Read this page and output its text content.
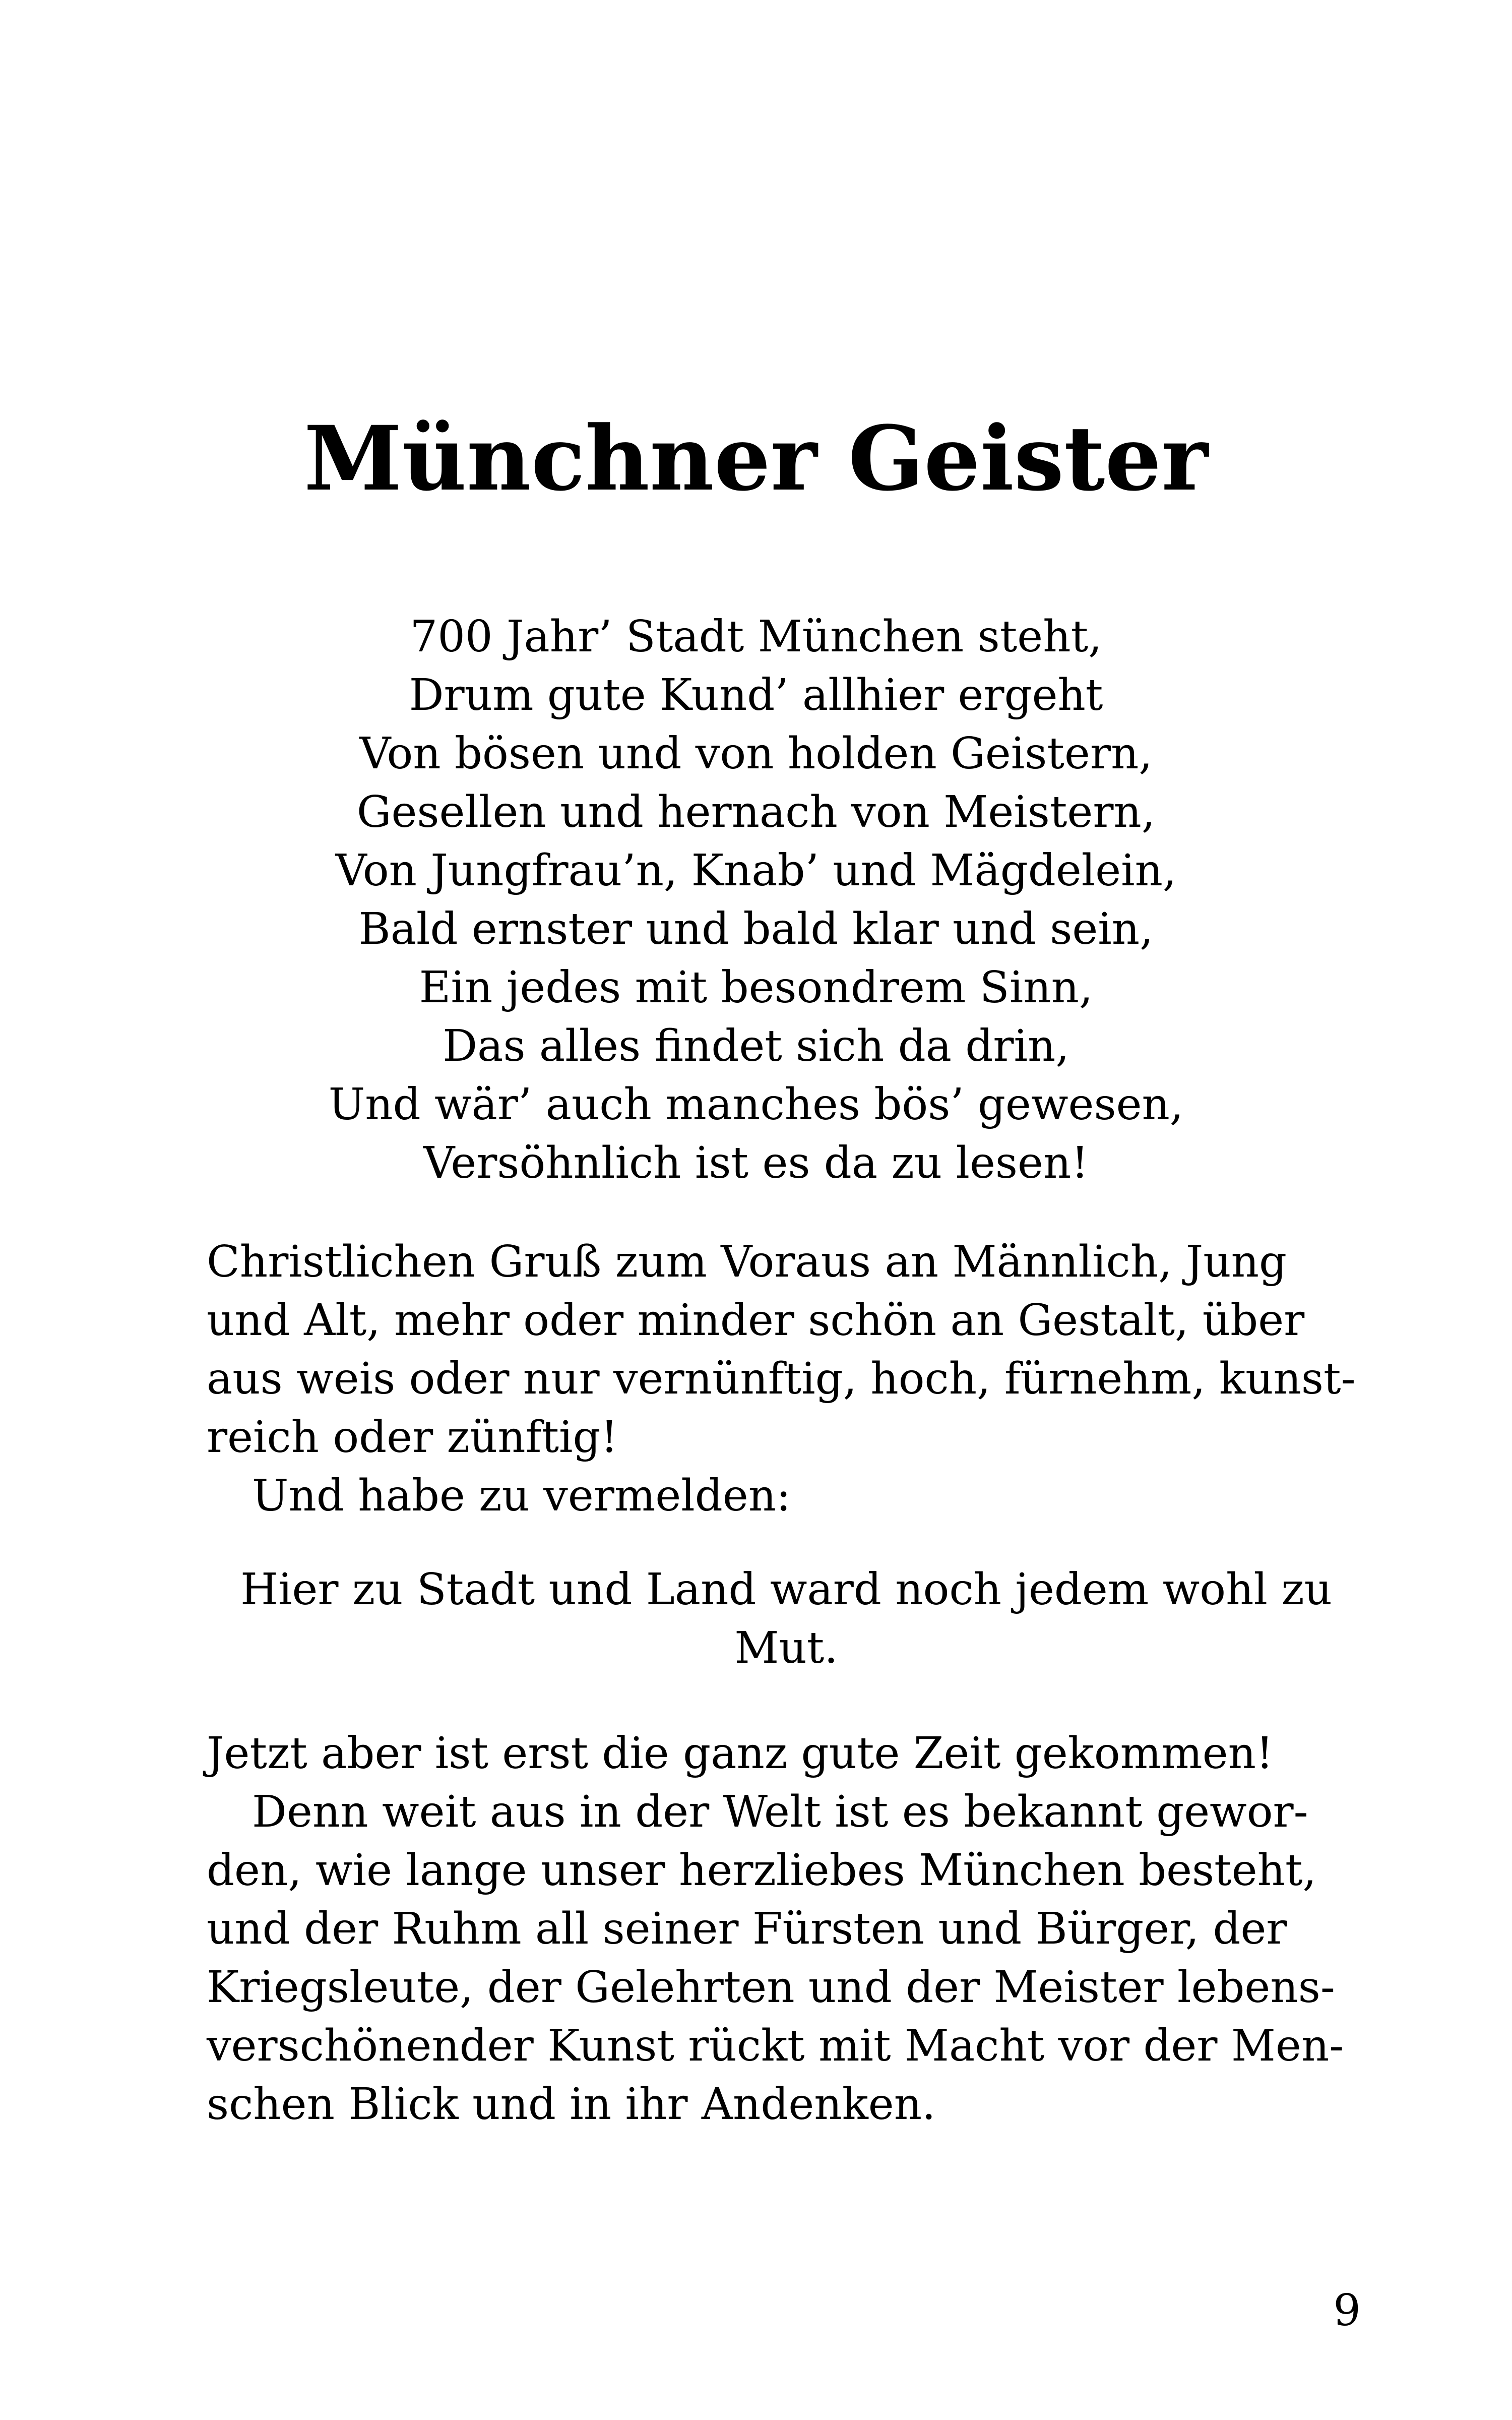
Münchner Geister
700 Jahr’ Stadt München steht,
Drum gute Kund’ allhier ergeht
Von bösen und von holden Geistern,
Gesellen und hernach von Meistern,
Von Jungfrau’n, Knab’ und Mägdelein,
Bald ernster und bald klar und sein,
Ein jedes mit besondrem Sinn,
Das alles findet sich da drin,
Und wär’ auch manches bös’ gewesen,
Versöhnlich ist es da zu lesen!
Christlichen Gruß zum Voraus an Männlich, Jung
und Alt, mehr oder minder schön an Gestalt, über
aus weis oder nur vernünftig, hoch, fürnehm, kunst-
reich oder zünftig!
Und habe zu vermelden:
Hier zu Stadt und Land ward noch jedem wohl zu
Mut.
Jetzt aber ist erst die ganz gute Zeit gekommen!
Denn weit aus in der Welt ist es bekannt gewor-
den, wie lange unser herzliebes München besteht,
und der Ruhm all seiner Fürsten und Bürger, der
Kriegsleute, der Gelehrten und der Meister lebens-
verschönender Kunst rückt mit Macht vor der Men-
schen Blick und in ihr Andenken.
9
